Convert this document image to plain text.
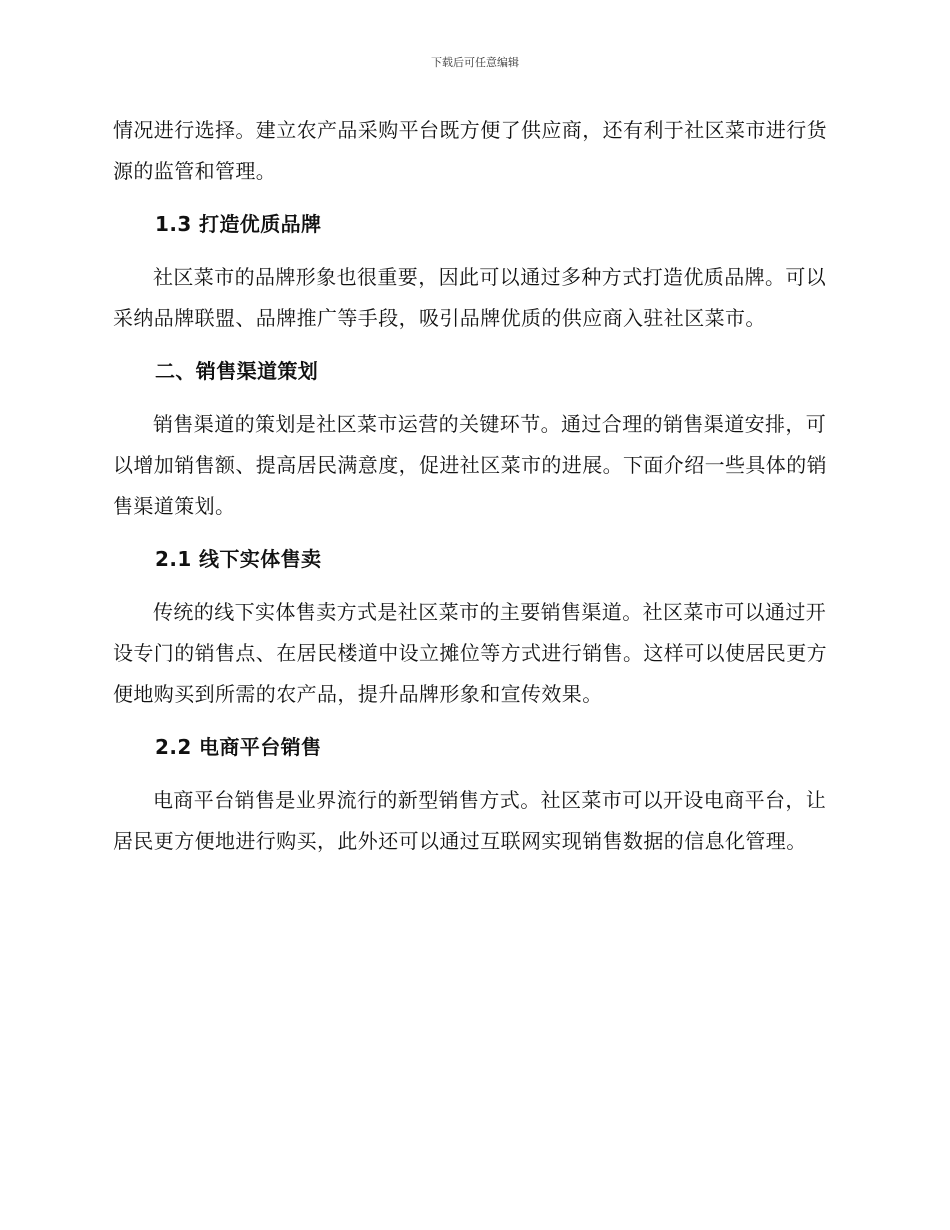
下载后可任意编辑

情况进行选择。建立农产品采购平台既方便了供应商，还有利于社区菜市进行货源的监管和管理。

1.3 打造优质品牌

社区菜市的品牌形象也很重要，因此可以通过多种方式打造优质品牌。可以采纳品牌联盟、品牌推广等手段，吸引品牌优质的供应商入驻社区菜市。

二、销售渠道策划

销售渠道的策划是社区菜市运营的关键环节。通过合理的销售渠道安排，可以增加销售额、提高居民满意度，促进社区菜市的进展。下面介绍一些具体的销售渠道策划。

2.1 线下实体售卖

传统的线下实体售卖方式是社区菜市的主要销售渠道。社区菜市可以通过开设专门的销售点、在居民楼道中设立摊位等方式进行销售。这样可以使居民更方便地购买到所需的农产品，提升品牌形象和宣传效果。

2.2 电商平台销售

电商平台销售是业界流行的新型销售方式。社区菜市可以开设电商平台，让居民更方便地进行购买，此外还可以通过互联网实现销售数据的信息化管理。
